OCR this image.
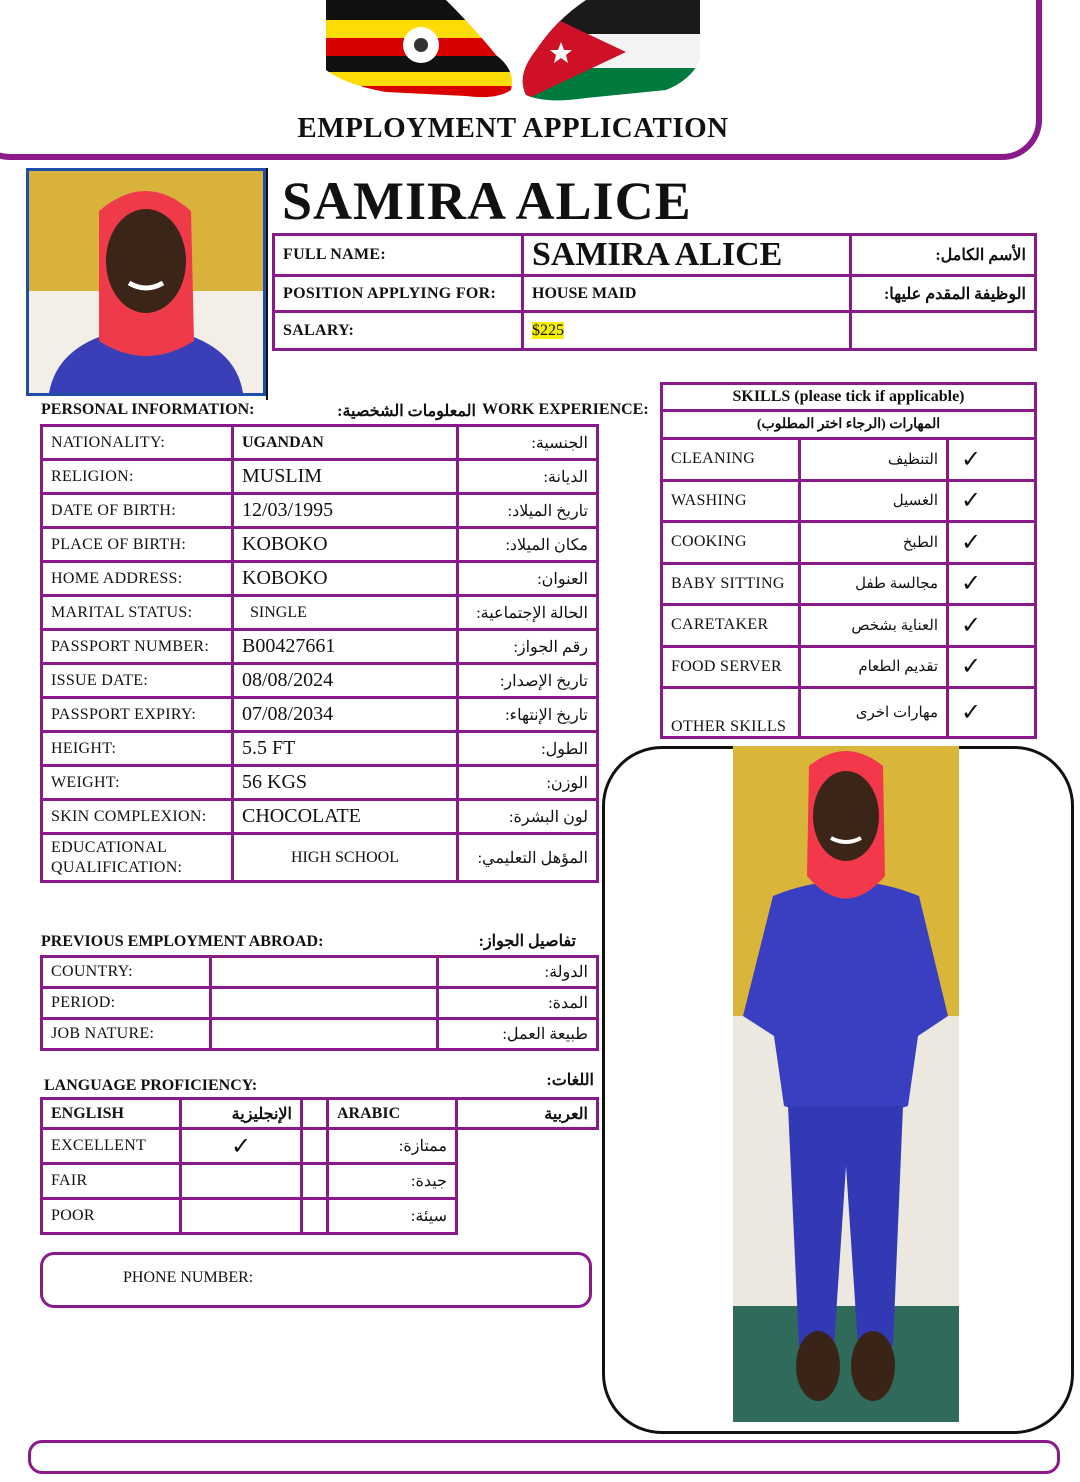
EMPLOYMENT APPLICATION
SAMIRA ALICE
FULL NAME:	SAMIRA ALICE	الأسم الكامل:
POSITION APPLYING FOR:	HOUSE MAID	الوظيفة المقدم عليها:
SALARY:	$225	
PERSONAL INFORMATION:	المعلومات الشخصية: WORK EXPERIENCE:
NATIONALITY:	UGANDAN	الجنسية:
RELIGION:	MUSLIM	الديانة:
DATE OF BIRTH:	12/03/1995	تاريخ الميلاد:
PLACE OF BIRTH:	KOBOKO	مكان الميلاد:
HOME ADDRESS:	KOBOKO	العنوان:
MARITAL STATUS:	SINGLE	الحالة الإجتماعية:
PASSPORT NUMBER:	B00427661	رقم الجواز:
ISSUE DATE:	08/08/2024	تاريخ الإصدار:
PASSPORT EXPIRY:	07/08/2034	تاريخ الإنتهاء:
HEIGHT:	5.5 FT	الطول:
WEIGHT:	56 KGS	الوزن:
SKIN COMPLEXION:	CHOCOLATE	لون البشرة:

EDUCATIONAL
QUALIFICATION:	HIGH SCHOOL	المؤهل التعليمي:
SKILLS (please tick if applicable)		
المهارات (الرجاء اختر المطلوب)		
CLEANING	التنظيف	✓
WASHING	الغسيل	✓
COOKING	الطبخ	✓
BABY SITTING	مجالسة طفل	✓
CARETAKER	العناية بشخص	✓
FOOD SERVER	تقديم الطعام	✓
OTHER SKILLS	مهارات اخرى	✓
PREVIOUS EMPLOYMENT ABROAD:	تفاصيل الجواز:
COUNTRY:		الدولة:
PERIOD:		المدة:
JOB NATURE:		طبيعة العمل:
LANGUAGE PROFICIENCY:	اللغات:
ENGLISH	الإنجليزية		ARABIC	العربية
EXCELLENT	✓		ممتازة:	
FAIR			جيدة:	
POOR			سيئة:	
PHONE NUMBER:
